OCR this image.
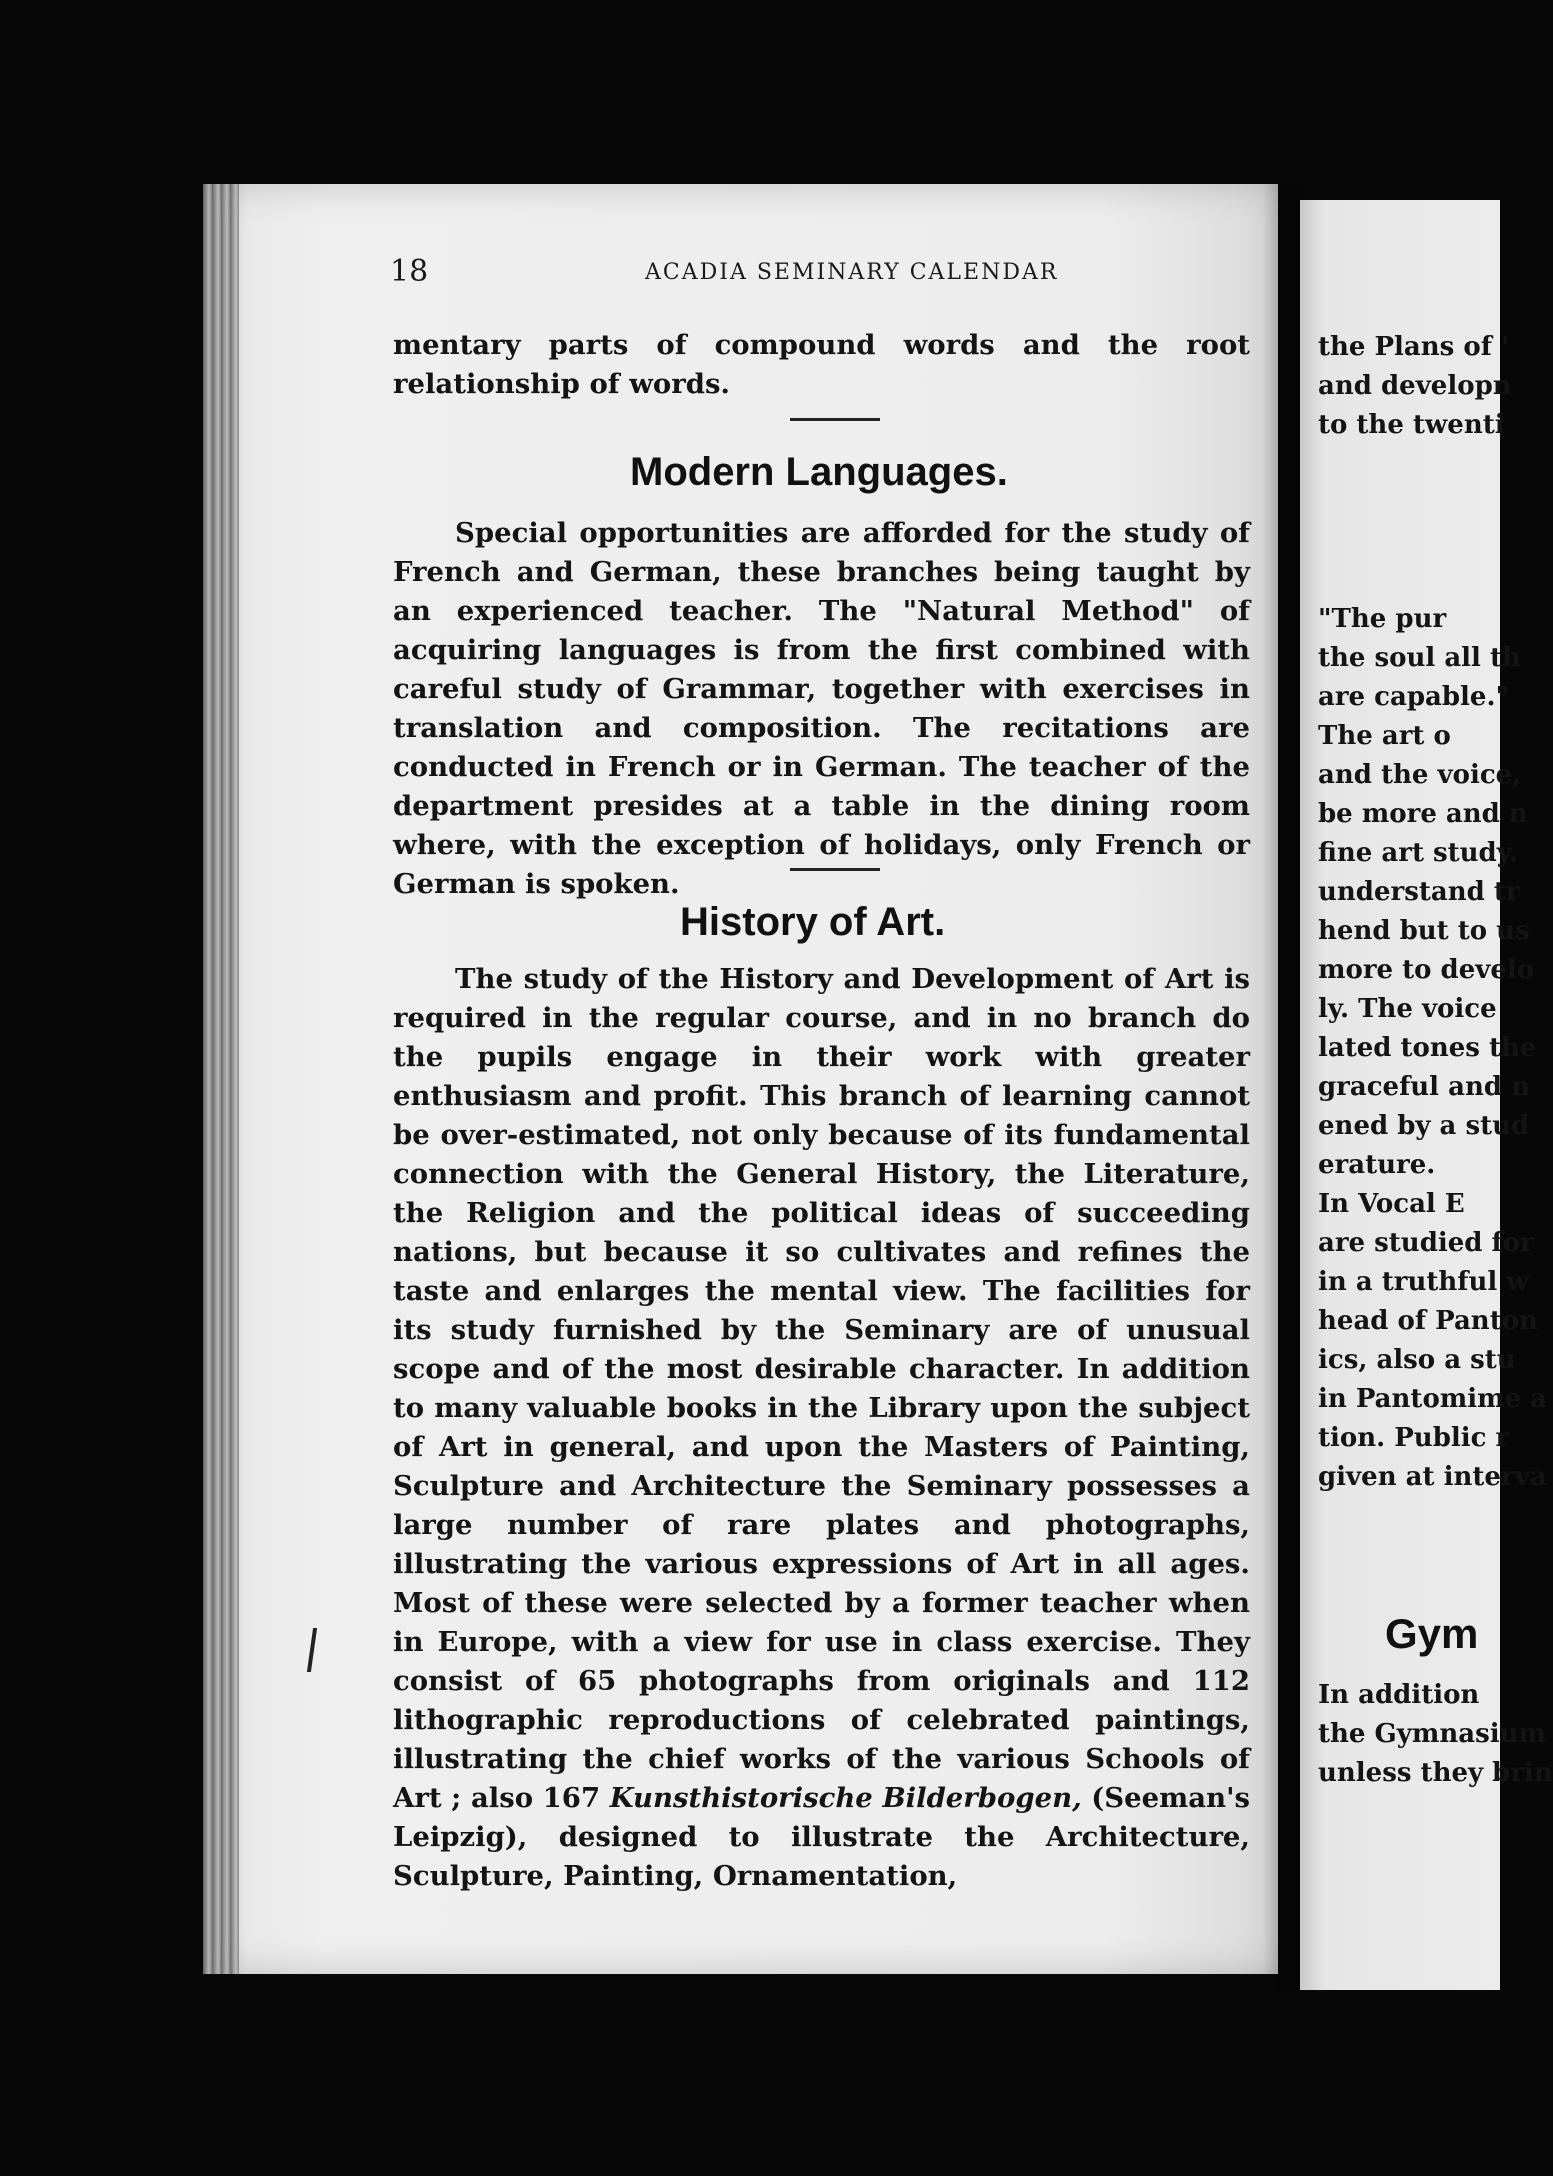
18	ACADIA SEMINARY CALENDAR

mentary parts of compound words and the root relationship of words.

Modern Languages.

Special opportunities are afforded for the study of French and German, these branches being taught by an experienced teacher. The "Natural Method" of acquiring languages is from the first combined with careful study of Grammar, together with exercises in translation and composition. The recitations are conducted in French or in German. The teacher of the department presides at a table in the dining room where, with the exception of holidays, only French or German is spoken.

History of Art.

The study of the History and Development of Art is required in the regular course, and in no branch do the pupils engage in their work with greater enthusiasm and profit. This branch of learning cannot be over-estimated, not only because of its fundamental connection with the General History, the Literature, the Religion and the political ideas of succeeding nations, but because it so cultivates and refines the taste and enlarges the mental view. The facilities for its study furnished by the Seminary are of unusual scope and of the most desirable character. In addition to many valuable books in the Library upon the subject of Art in general, and upon the Masters of Painting, Sculpture and Architecture the Seminary possesses a large number of rare plates and photographs, illustrating the various expressions of Art in all ages. Most of these were selected by a former teacher when in Europe, with a view for use in class exercise. They consist of 65 photographs from originals and 112 lithographic reproductions of celebrated paintings, illustrating the chief works of the various Schools of Art ; also 167 Kunsthistorische Bilderbogen, (Seeman's Leipzig), designed to illustrate the Architecture, Sculpture, Painting, Ornamentation,

the Plans of '
and developn
to the twenti
"The pur
the soul all th
are capable."
The art o
and the voice,
be more and n
fine art study.
understand tr
hend but to us
more to develo
ly. The voice
lated tones the
graceful and n
ened by a stud
erature.
In Vocal E
are studied for
in a truthful w
head of Panton
ics, also a stu
in Pantomime a
tion. Public r
given at interva
Gym
In addition
the Gymnasium
unless they brin
